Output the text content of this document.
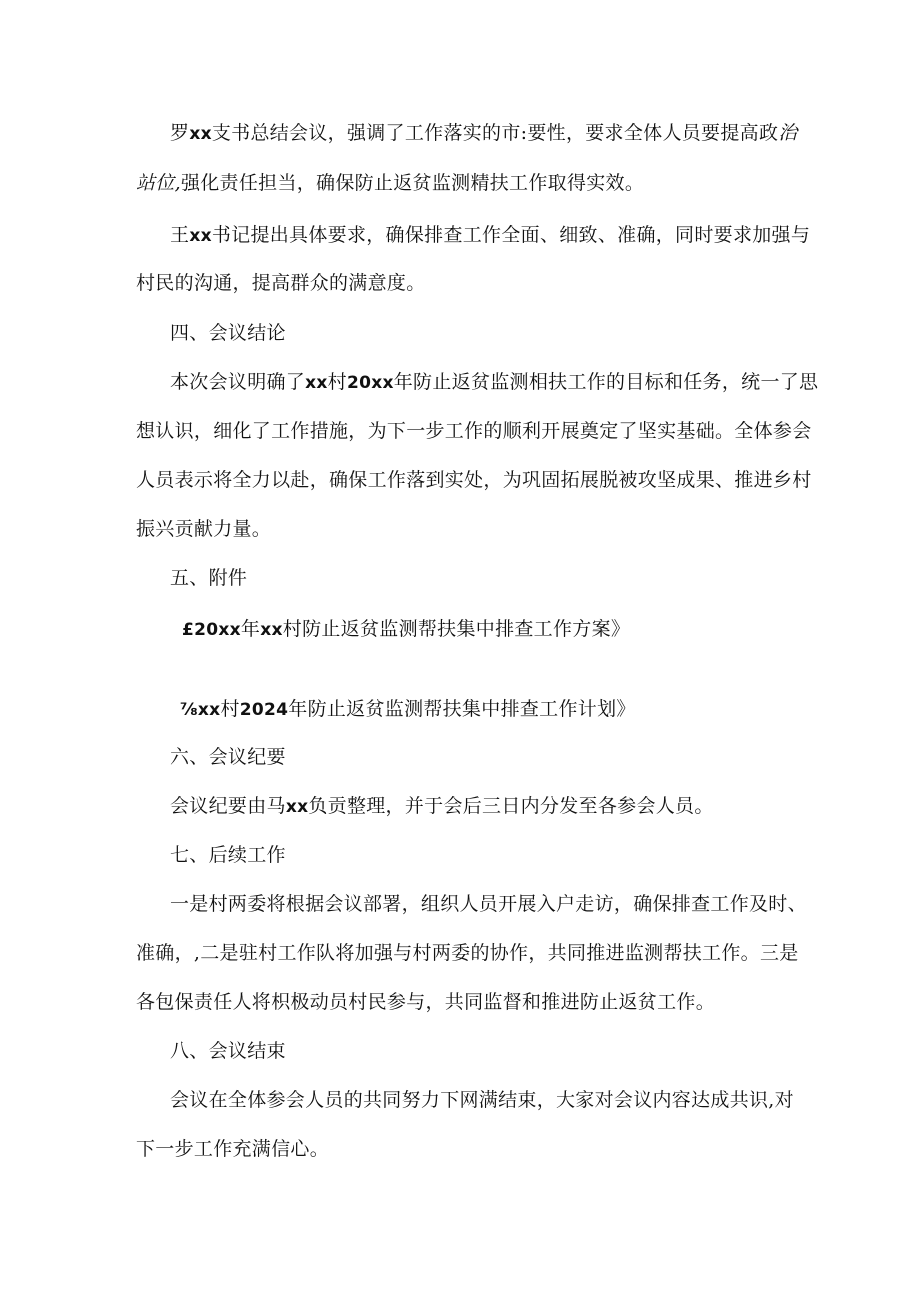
罗xx支书总结会议，强调了工作落实的市:要性，要求全体人员要提高政治
站位,强化责任担当，确保防止返贫监测精扶工作取得实效。
王xx书记提出具体要求，确保排查工作全面、细致、准确，同时要求加强与
村民的沟通，提高群众的满意度。
四、会议结论
本次会议明确了xx村20xx年防止返贫监测相扶工作的目标和任务，统一了思
想认识，细化了工作措施，为下一步工作的顺利开展奠定了坚实基础。全体参会
人员表示将全力以赴，确保工作落到实处，为巩固拓展脱被攻坚成果、推进乡村
振兴贡献力量。
五、附件
£20xx年xx村防止返贫监测帮扶集中排查工作方案》
⅞xx村2024年防止返贫监测帮扶集中排查工作计划》
六、会议纪要
会议纪要由马xx负贡整理，并于会后三日内分发至各参会人员。
七、后续工作
一是村两委将根据会议部署，组织人员开展入户走访，确保排查工作及时、
准确，,二是驻村工作队将加强与村两委的协作，共同推进监测帮扶工作。三是
各包保责任人将枳极动员村民参与，共同监督和推进防止返贫工作。
八、会议结束
会议在全体参会人员的共同努力下网满结束，大家对会议内容达成共识,对
下一步工作充满信心。
